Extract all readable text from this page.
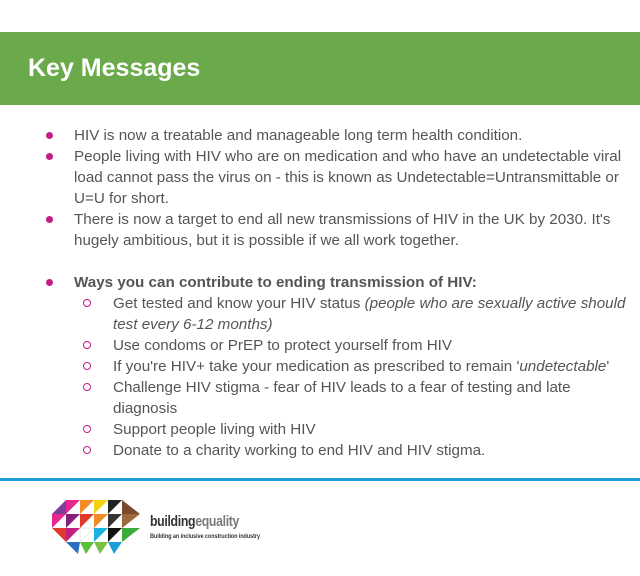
Key Messages
HIV is now a treatable and manageable long term health condition.
People living with HIV who are on medication and who have an undetectable viral load cannot pass the virus on - this is known as Undetectable=Untransmittable or U=U for short.
There is now a target to end all new transmissions of HIV in the UK by 2030. It's hugely ambitious, but it is possible if we all work together.
Ways you can contribute to ending transmission of HIV:
Get tested and know your HIV status (people who are sexually active should test every 6-12 months)
Use condoms or PrEP to protect yourself from HIV
If you're HIV+ take your medication as prescribed to remain 'undetectable'
Challenge HIV stigma - fear of HIV leads to a fear of testing and late diagnosis
Support people living with HIV
Donate to a charity working to end HIV and HIV stigma.
buildingequality
Building an inclusive construction industry
